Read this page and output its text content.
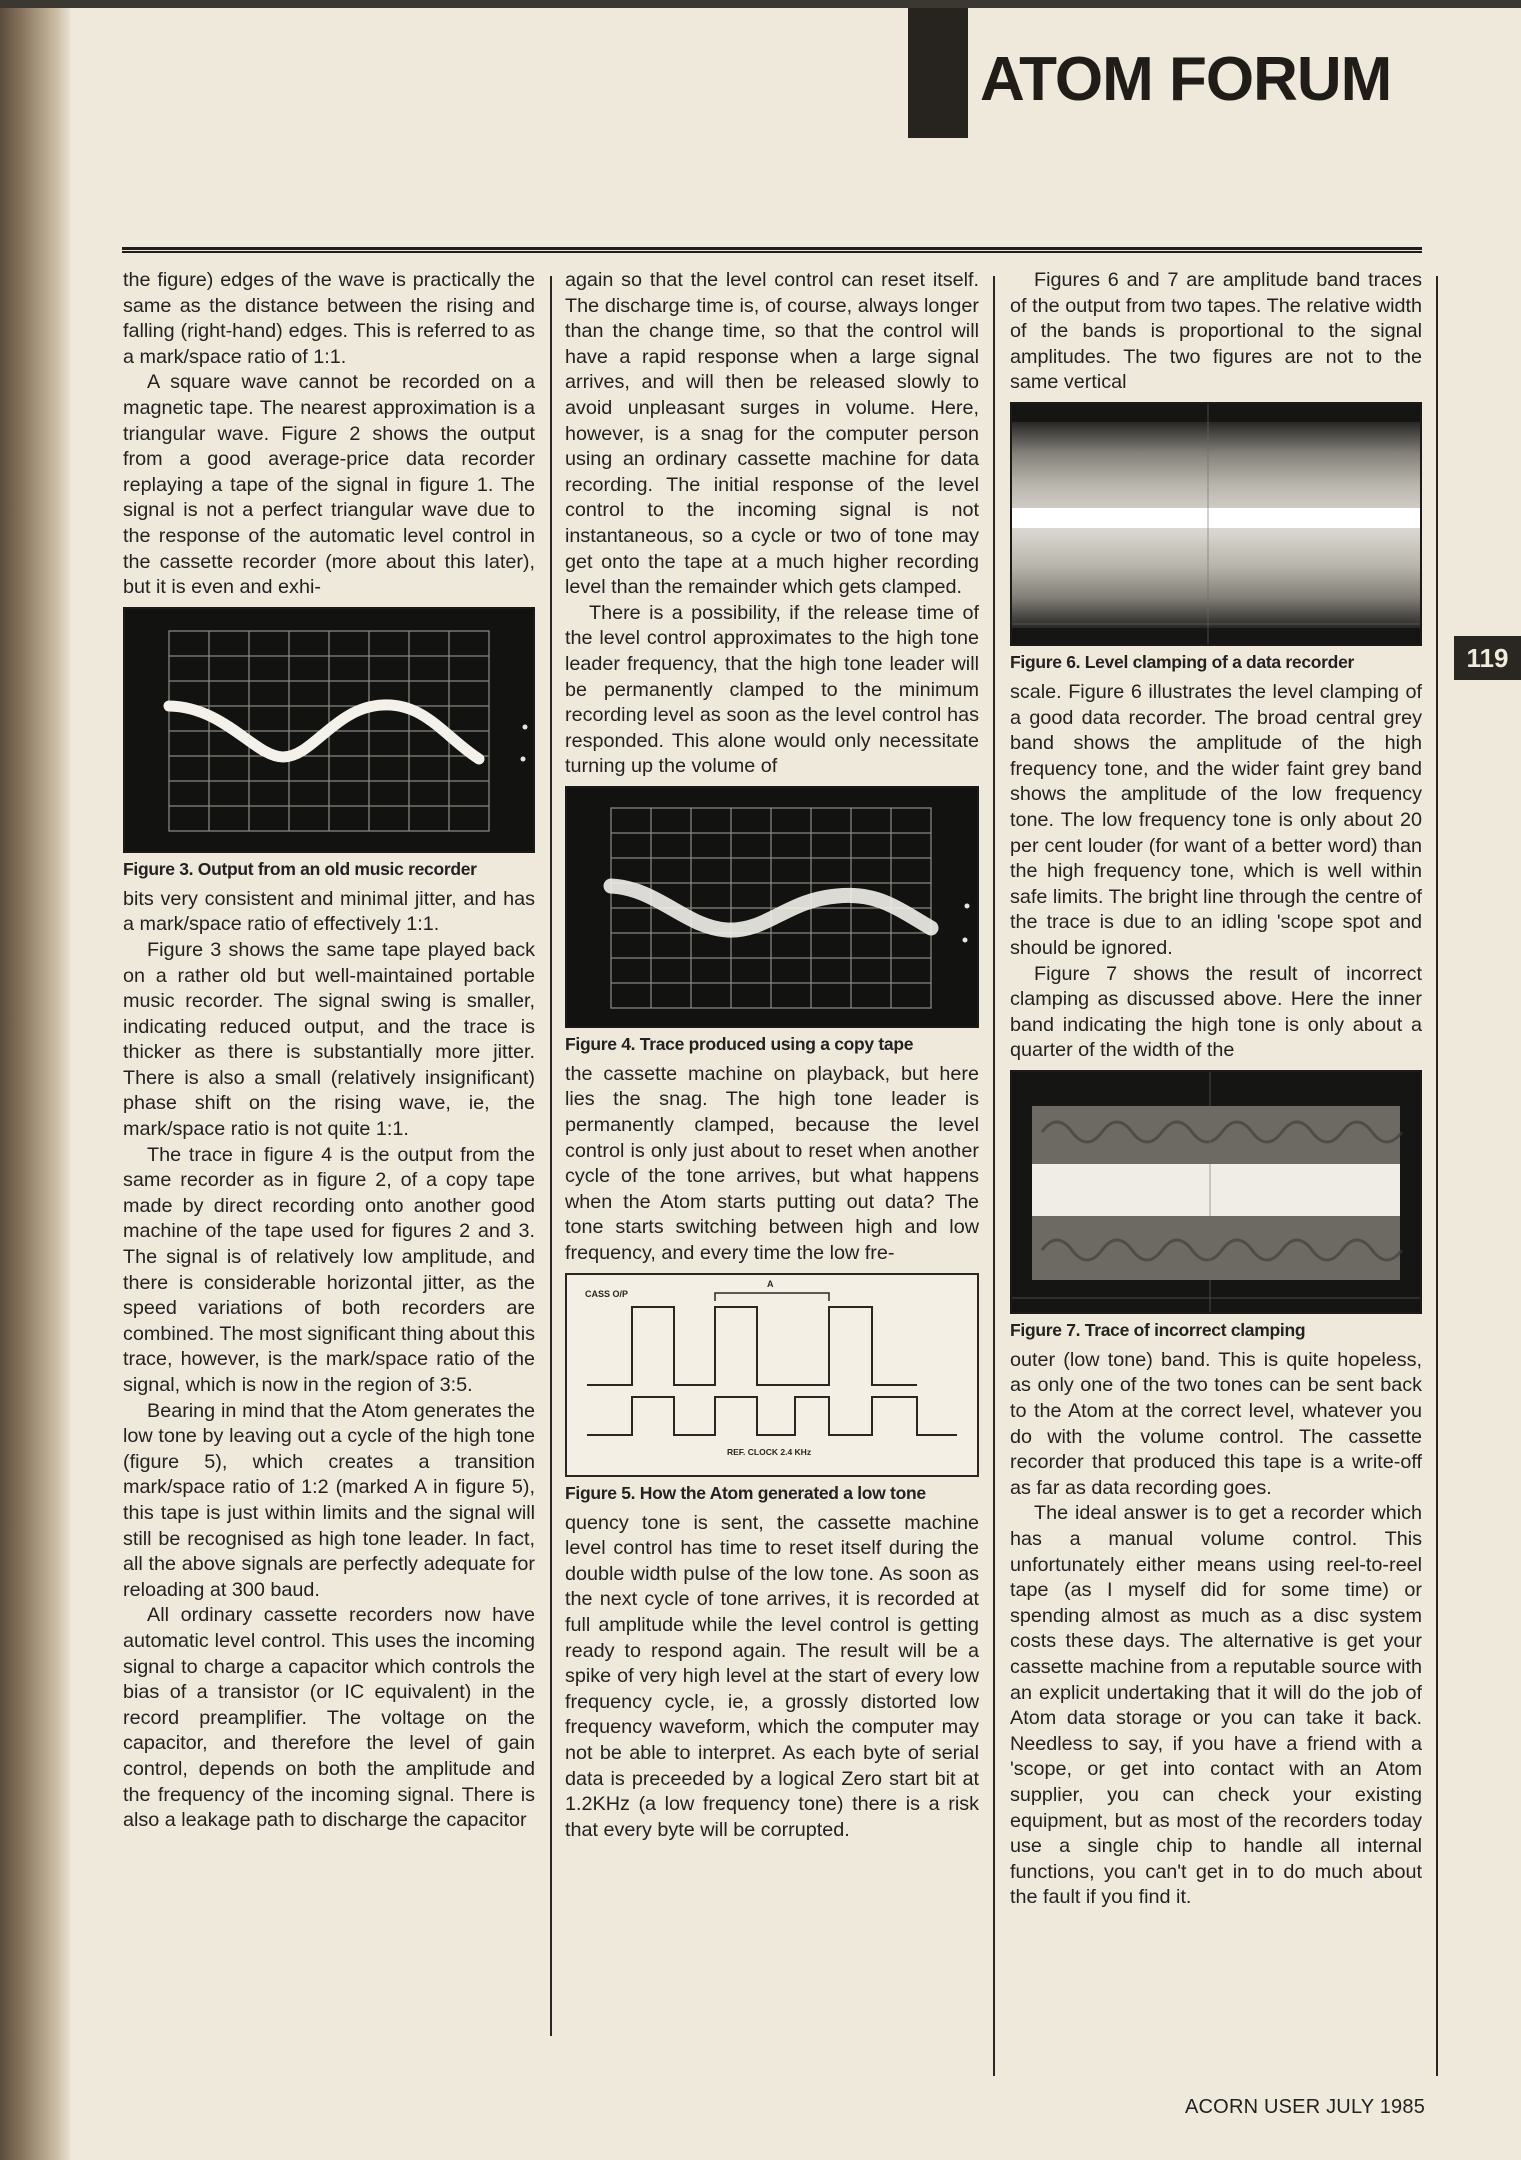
ATOM FORUM

the figure) edges of the wave is practically the same as the distance between the rising and falling (right-hand) edges. This is referred to as a mark/space ratio of 1:1.

A square wave cannot be recorded on a magnetic tape. The nearest approximation is a triangular wave. Figure 2 shows the output from a good average-price data recorder replaying a tape of the signal in figure 1. The signal is not a perfect triangular wave due to the response of the automatic level control in the cassette recorder (more about this later), but it is even and exhi-

Figure 3. Output from an old music recorder

bits very consistent and minimal jitter, and has a mark/space ratio of effectively 1:1.

Figure 3 shows the same tape played back on a rather old but well-maintained portable music recorder. The signal swing is smaller, indicating reduced output, and the trace is thicker as there is substantially more jitter. There is also a small (relatively insignificant) phase shift on the rising wave, ie, the mark/space ratio is not quite 1:1.

The trace in figure 4 is the output from the same recorder as in figure 2, of a copy tape made by direct recording onto another good machine of the tape used for figures 2 and 3. The signal is of relatively low amplitude, and there is considerable horizontal jitter, as the speed variations of both recorders are combined. The most significant thing about this trace, however, is the mark/space ratio of the signal, which is now in the region of 3:5.

Bearing in mind that the Atom generates the low tone by leaving out a cycle of the high tone (figure 5), which creates a transition mark/space ratio of 1:2 (marked A in figure 5), this tape is just within limits and the signal will still be recognised as high tone leader. In fact, all the above signals are perfectly adequate for reloading at 300 baud.

All ordinary cassette recorders now have automatic level control. This uses the incoming signal to charge a capacitor which controls the bias of a transistor (or IC equivalent) in the record preamplifier. The voltage on the capacitor, and therefore the level of gain control, depends on both the amplitude and the frequency of the incoming signal. There is also a leakage path to discharge the capacitor

again so that the level control can reset itself. The discharge time is, of course, always longer than the change time, so that the control will have a rapid response when a large signal arrives, and will then be released slowly to avoid unpleasant surges in volume. Here, however, is a snag for the computer person using an ordinary cassette machine for data recording. The initial response of the level control to the incoming signal is not instantaneous, so a cycle or two of tone may get onto the tape at a much higher recording level than the remainder which gets clamped.

There is a possibility, if the release time of the level control approximates to the high tone leader frequency, that the high tone leader will be permanently clamped to the minimum recording level as soon as the level control has responded. This alone would only necessitate turning up the volume of

Figure 4. Trace produced using a copy tape

the cassette machine on playback, but here lies the snag. The high tone leader is permanently clamped, because the level control is only just about to reset when another cycle of the tone arrives, but what happens when the Atom starts putting out data? The tone starts switching between high and low frequency, and every time the low fre-

CASS O/P
A
REF. CLOCK 2.4 KHz
Figure 5. How the Atom generated a low tone

quency tone is sent, the cassette machine level control has time to reset itself during the double width pulse of the low tone. As soon as the next cycle of tone arrives, it is recorded at full amplitude while the level control is getting ready to respond again. The result will be a spike of very high level at the start of every low frequency cycle, ie, a grossly distorted low frequency waveform, which the computer may not be able to interpret. As each byte of serial data is preceeded by a logical Zero start bit at 1.2KHz (a low frequency tone) there is a risk that every byte will be corrupted.

Figures 6 and 7 are amplitude band traces of the output from two tapes. The relative width of the bands is proportional to the signal amplitudes. The two figures are not to the same vertical

Figure 6. Level clamping of a data recorder

scale. Figure 6 illustrates the level clamping of a good data recorder. The broad central grey band shows the amplitude of the high frequency tone, and the wider faint grey band shows the amplitude of the low frequency tone. The low frequency tone is only about 20 per cent louder (for want of a better word) than the high frequency tone, which is well within safe limits. The bright line through the centre of the trace is due to an idling 'scope spot and should be ignored.

Figure 7 shows the result of incorrect clamping as discussed above. Here the inner band indicating the high tone is only about a quarter of the width of the

Figure 7. Trace of incorrect clamping

outer (low tone) band. This is quite hopeless, as only one of the two tones can be sent back to the Atom at the correct level, whatever you do with the volume control. The cassette recorder that produced this tape is a write-off as far as data recording goes.

The ideal answer is to get a recorder which has a manual volume control. This unfortunately either means using reel-to-reel tape (as I myself did for some time) or spending almost as much as a disc system costs these days. The alternative is get your cassette machine from a reputable source with an explicit undertaking that it will do the job of Atom data storage or you can take it back. Needless to say, if you have a friend with a 'scope, or get into contact with an Atom supplier, you can check your existing equipment, but as most of the recorders today use a single chip to handle all internal functions, you can't get in to do much about the fault if you find it.

119
ACORN USER JULY 1985
